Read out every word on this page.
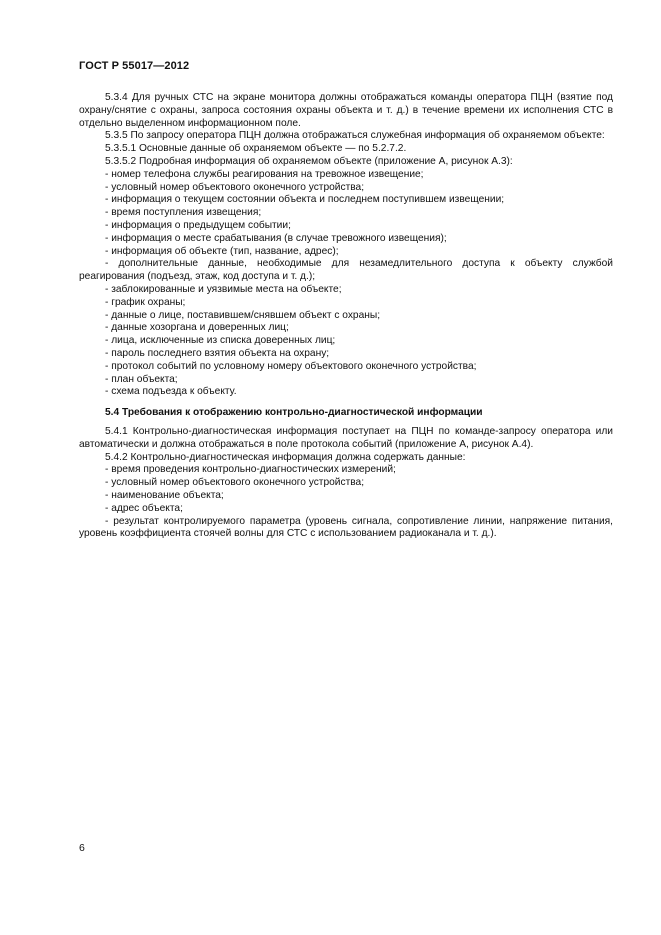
ГОСТ Р 55017—2012

5.3.4 Для ручных СТС на экране монитора должны отображаться команды оператора ПЦН (взятие под охрану/снятие с охраны, запроса состояния охраны объекта и т. д.) в течение времени их исполнения СТС в отдельно выделенном информационном поле.

5.3.5 По запросу оператора ПЦН должна отображаться служебная информация об охраняемом объекте:

5.3.5.1 Основные данные об охраняемом объекте — по 5.2.7.2.

5.3.5.2 Подробная информация об охраняемом объекте (приложение А, рисунок А.3):

- номер телефона службы реагирования на тревожное извещение;

- условный номер объектового оконечного устройства;

- информация о текущем состоянии объекта и последнем поступившем извещении;

- время поступления извещения;

- информация о предыдущем событии;

- информация о месте срабатывания (в случае тревожного извещения);

- информация об объекте (тип, название, адрес);

- дополнительные данные, необходимые для незамедлительного доступа к объекту службой реагирования (подъезд, этаж, код доступа и т. д.);

- заблокированные и уязвимые места на объекте;

- график охраны;

- данные о лице, поставившем/снявшем объект с охраны;

- данные хозоргана и доверенных лиц;

- лица, исключенные из списка доверенных лиц;

- пароль последнего взятия объекта на охрану;

- протокол событий по условному номеру объектового оконечного устройства;

- план объекта;

- схема подъезда к объекту.

5.4 Требования к отображению контрольно-диагностической информации

5.4.1 Контрольно-диагностическая информация поступает на ПЦН по команде-запросу оператора или автоматически и должна отображаться в поле протокола событий (приложение А, рисунок А.4).

5.4.2 Контрольно-диагностическая информация должна содержать данные:

- время проведения контрольно-диагностических измерений;

- условный номер объектового оконечного устройства;

- наименование объекта;

- адрес объекта;

- результат контролируемого параметра (уровень сигнала, сопротивление линии, напряжение питания, уровень коэффициента стоячей волны для СТС с использованием радиоканала и т. д.).

6
